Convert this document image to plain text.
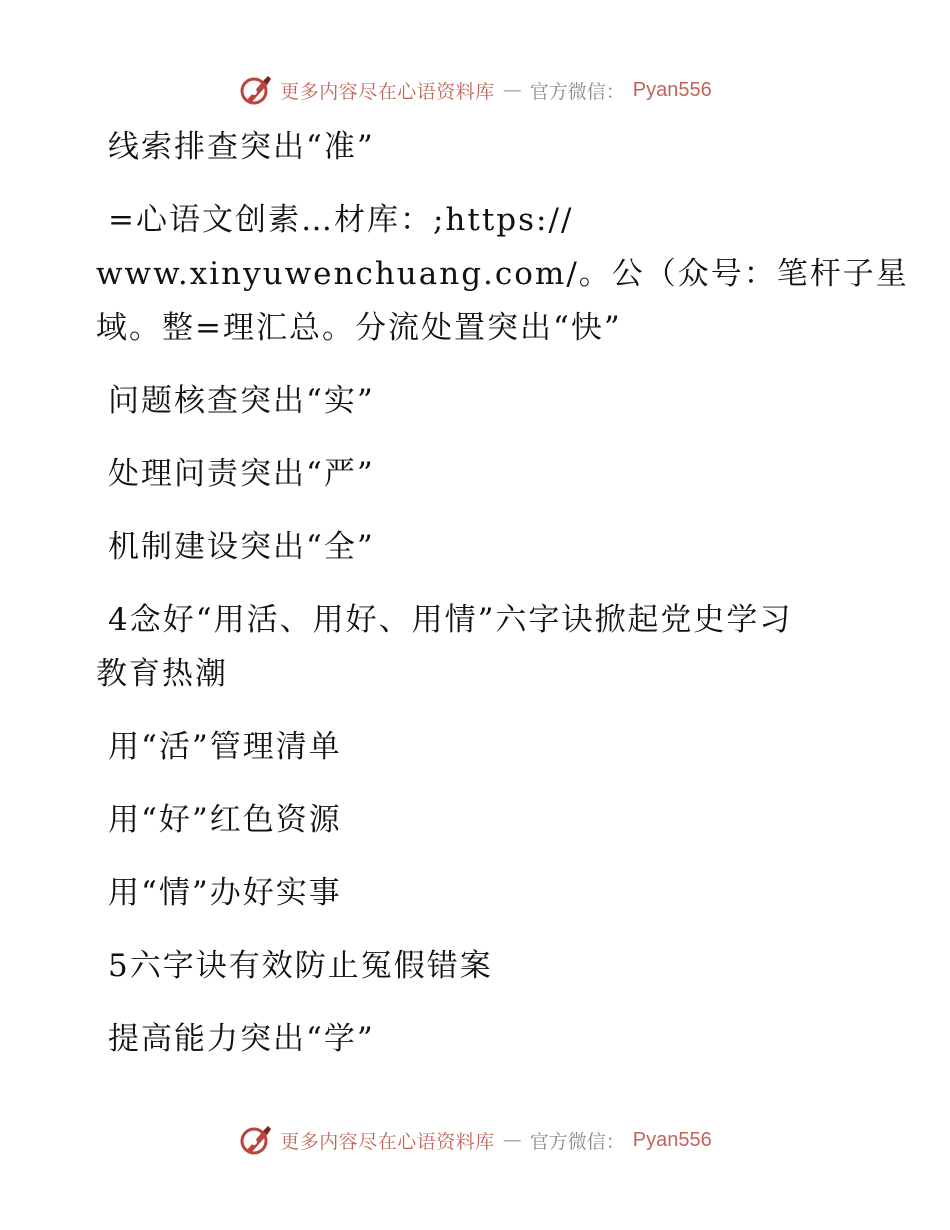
更多内容尽在心语资料库 — 官方微信： Pyan556
线索排查突出“准”
=心语文创素…材库：;https://
www.xinyuwenchuang.com/。公（众号：笔杆子星
域。整=理汇总。分流处置突出“快”
问题核查突出“实”
处理问责突出“严”
机制建设突出“全”
4念好“用活、用好、用情”六字诀掀起党史学习
教育热潮
用“活”管理清单
用“好”红色资源
用“情”办好实事
5六字诀有效防止冤假错案
提高能力突出“学”
更多内容尽在心语资料库 — 官方微信： Pyan556
